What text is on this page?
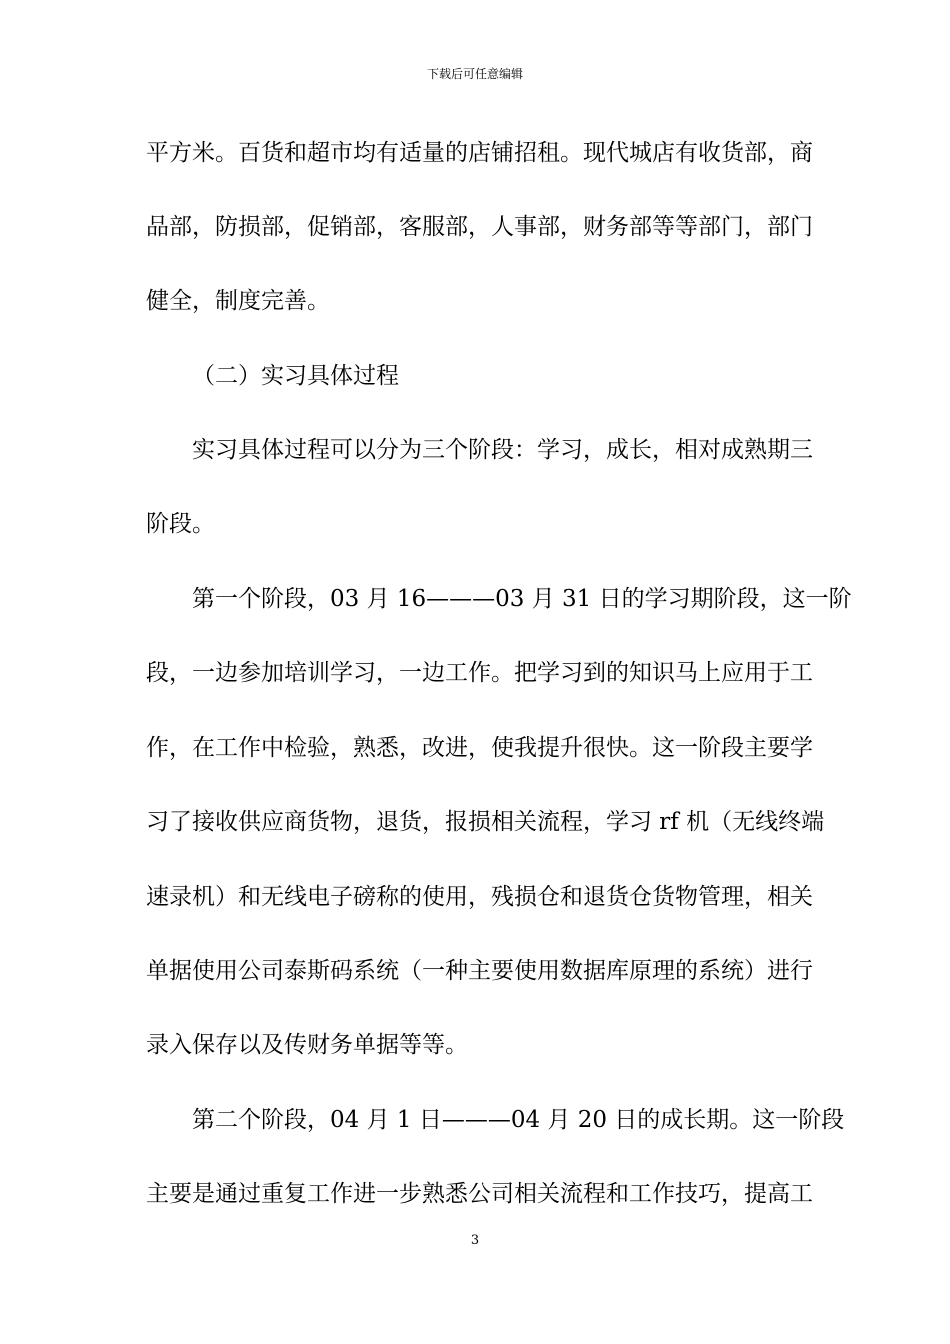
下载后可任意编辑
平方米。百货和超市均有适量的店铺招租。现代城店有收货部，商
品部，防损部，促销部，客服部，人事部，财务部等等部门，部门
健全，制度完善。
（二）实习具体过程
实习具体过程可以分为三个阶段：学习，成长，相对成熟期三
阶段。
第一个阶段，03 月 16———03 月 31 日的学习期阶段，这一阶
段，一边参加培训学习，一边工作。把学习到的知识马上应用于工
作，在工作中检验，熟悉，改进，使我提升很快。这一阶段主要学
习了接收供应商货物，退货，报损相关流程，学习 rf 机（无线终端
速录机）和无线电子磅称的使用，残损仓和退货仓货物管理，相关
单据使用公司泰斯码系统（一种主要使用数据库原理的系统）进行
录入保存以及传财务单据等等。
第二个阶段，04 月 1 日———04 月 20 日的成长期。这一阶段
主要是通过重复工作进一步熟悉公司相关流程和工作技巧，提高工
3
